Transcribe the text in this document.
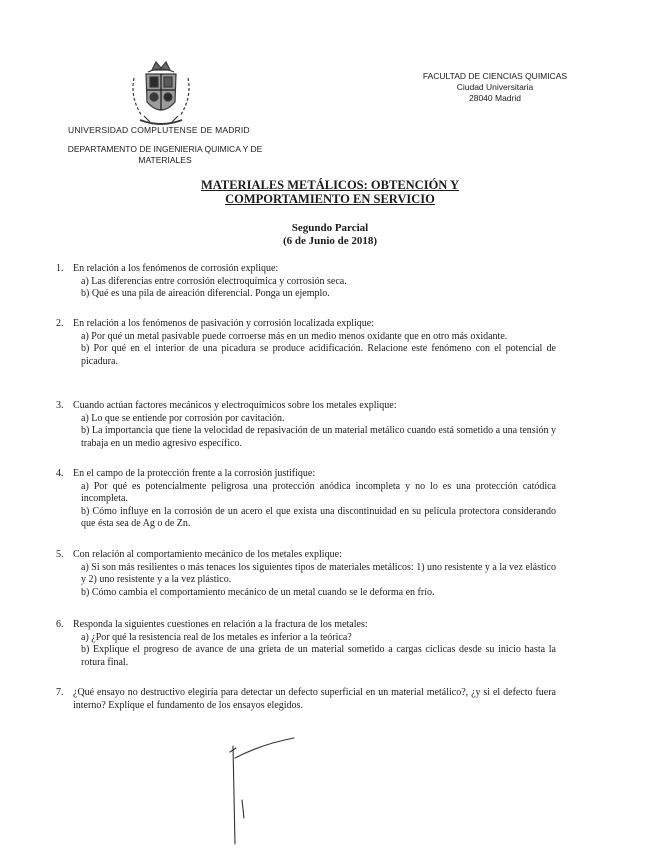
UNIVERSIDAD COMPLUTENSE DE MADRID
DEPARTAMENTO DE INGENIERIA QUIMICA Y DE
MATERIALES
FACULTAD DE CIENCIAS QUIMICAS
Ciudad Universitaria
28040 Madrid
MATERIALES METÁLICOS: OBTENCIÓN Y
COMPORTAMIENTO EN SERVICIO
Segundo Parcial
(6 de Junio de 2018)
1. En relación a los fenómenos de corrosión explique:
a) Las diferencias entre corrosión electroquímica y corrosión seca.
b) Qué es una pila de aireación diferencial. Ponga un ejemplo.
2. En relación a los fenómenos de pasivación y corrosión localizada explique:
a) Por qué un metal pasivable puede corroerse más en un medio menos oxidante que en otro más oxidante.
b) Por qué en el interior de una picadura se produce acidificación. Relacione este fenómeno con el potencial de picadura.
3. Cuando actúan factores mecánicos y electroquímicos sobre los metales explique:
a) Lo que se entiende por corrosión por cavitación.
b) La importancia que tiene la velocidad de repasivación de un material metálico cuando está sometido a una tensión y trabaja en un medio agresivo específico.
4. En el campo de la protección frente a la corrosión justifique:
a) Por qué es potencialmente peligrosa una protección anódica incompleta y no lo es una protección catódica incompleta.
b) Cómo influye en la corrosión de un acero el que exista una discontinuidad en su película protectora considerando que ésta sea de Ag o de Zn.
5. Con relación al comportamiento mecánico de los metales explique:
a) Si son más resilientes o más tenaces los siguientes tipos de materiales metálicos: 1) uno resistente y a la vez elástico y 2) uno resistente y a la vez plástico.
b) Cómo cambia el comportamiento mecánico de un metal cuando se le deforma en frío.
6. Responda la siguientes cuestiones en relación a la fractura de los metales:
a) ¿Por qué la resistencia real de los metales es inferior a la teórica?
b) Explique el progreso de avance de una grieta de un material sometido a cargas cíclicas desde su inicio hasta la rotura final.
7. ¿Qué ensayo no destructivo elegiría para detectar un defecto superficial en un material metálico?, ¿y si el defecto fuera interno? Explique el fundamento de los ensayos elegidos.
